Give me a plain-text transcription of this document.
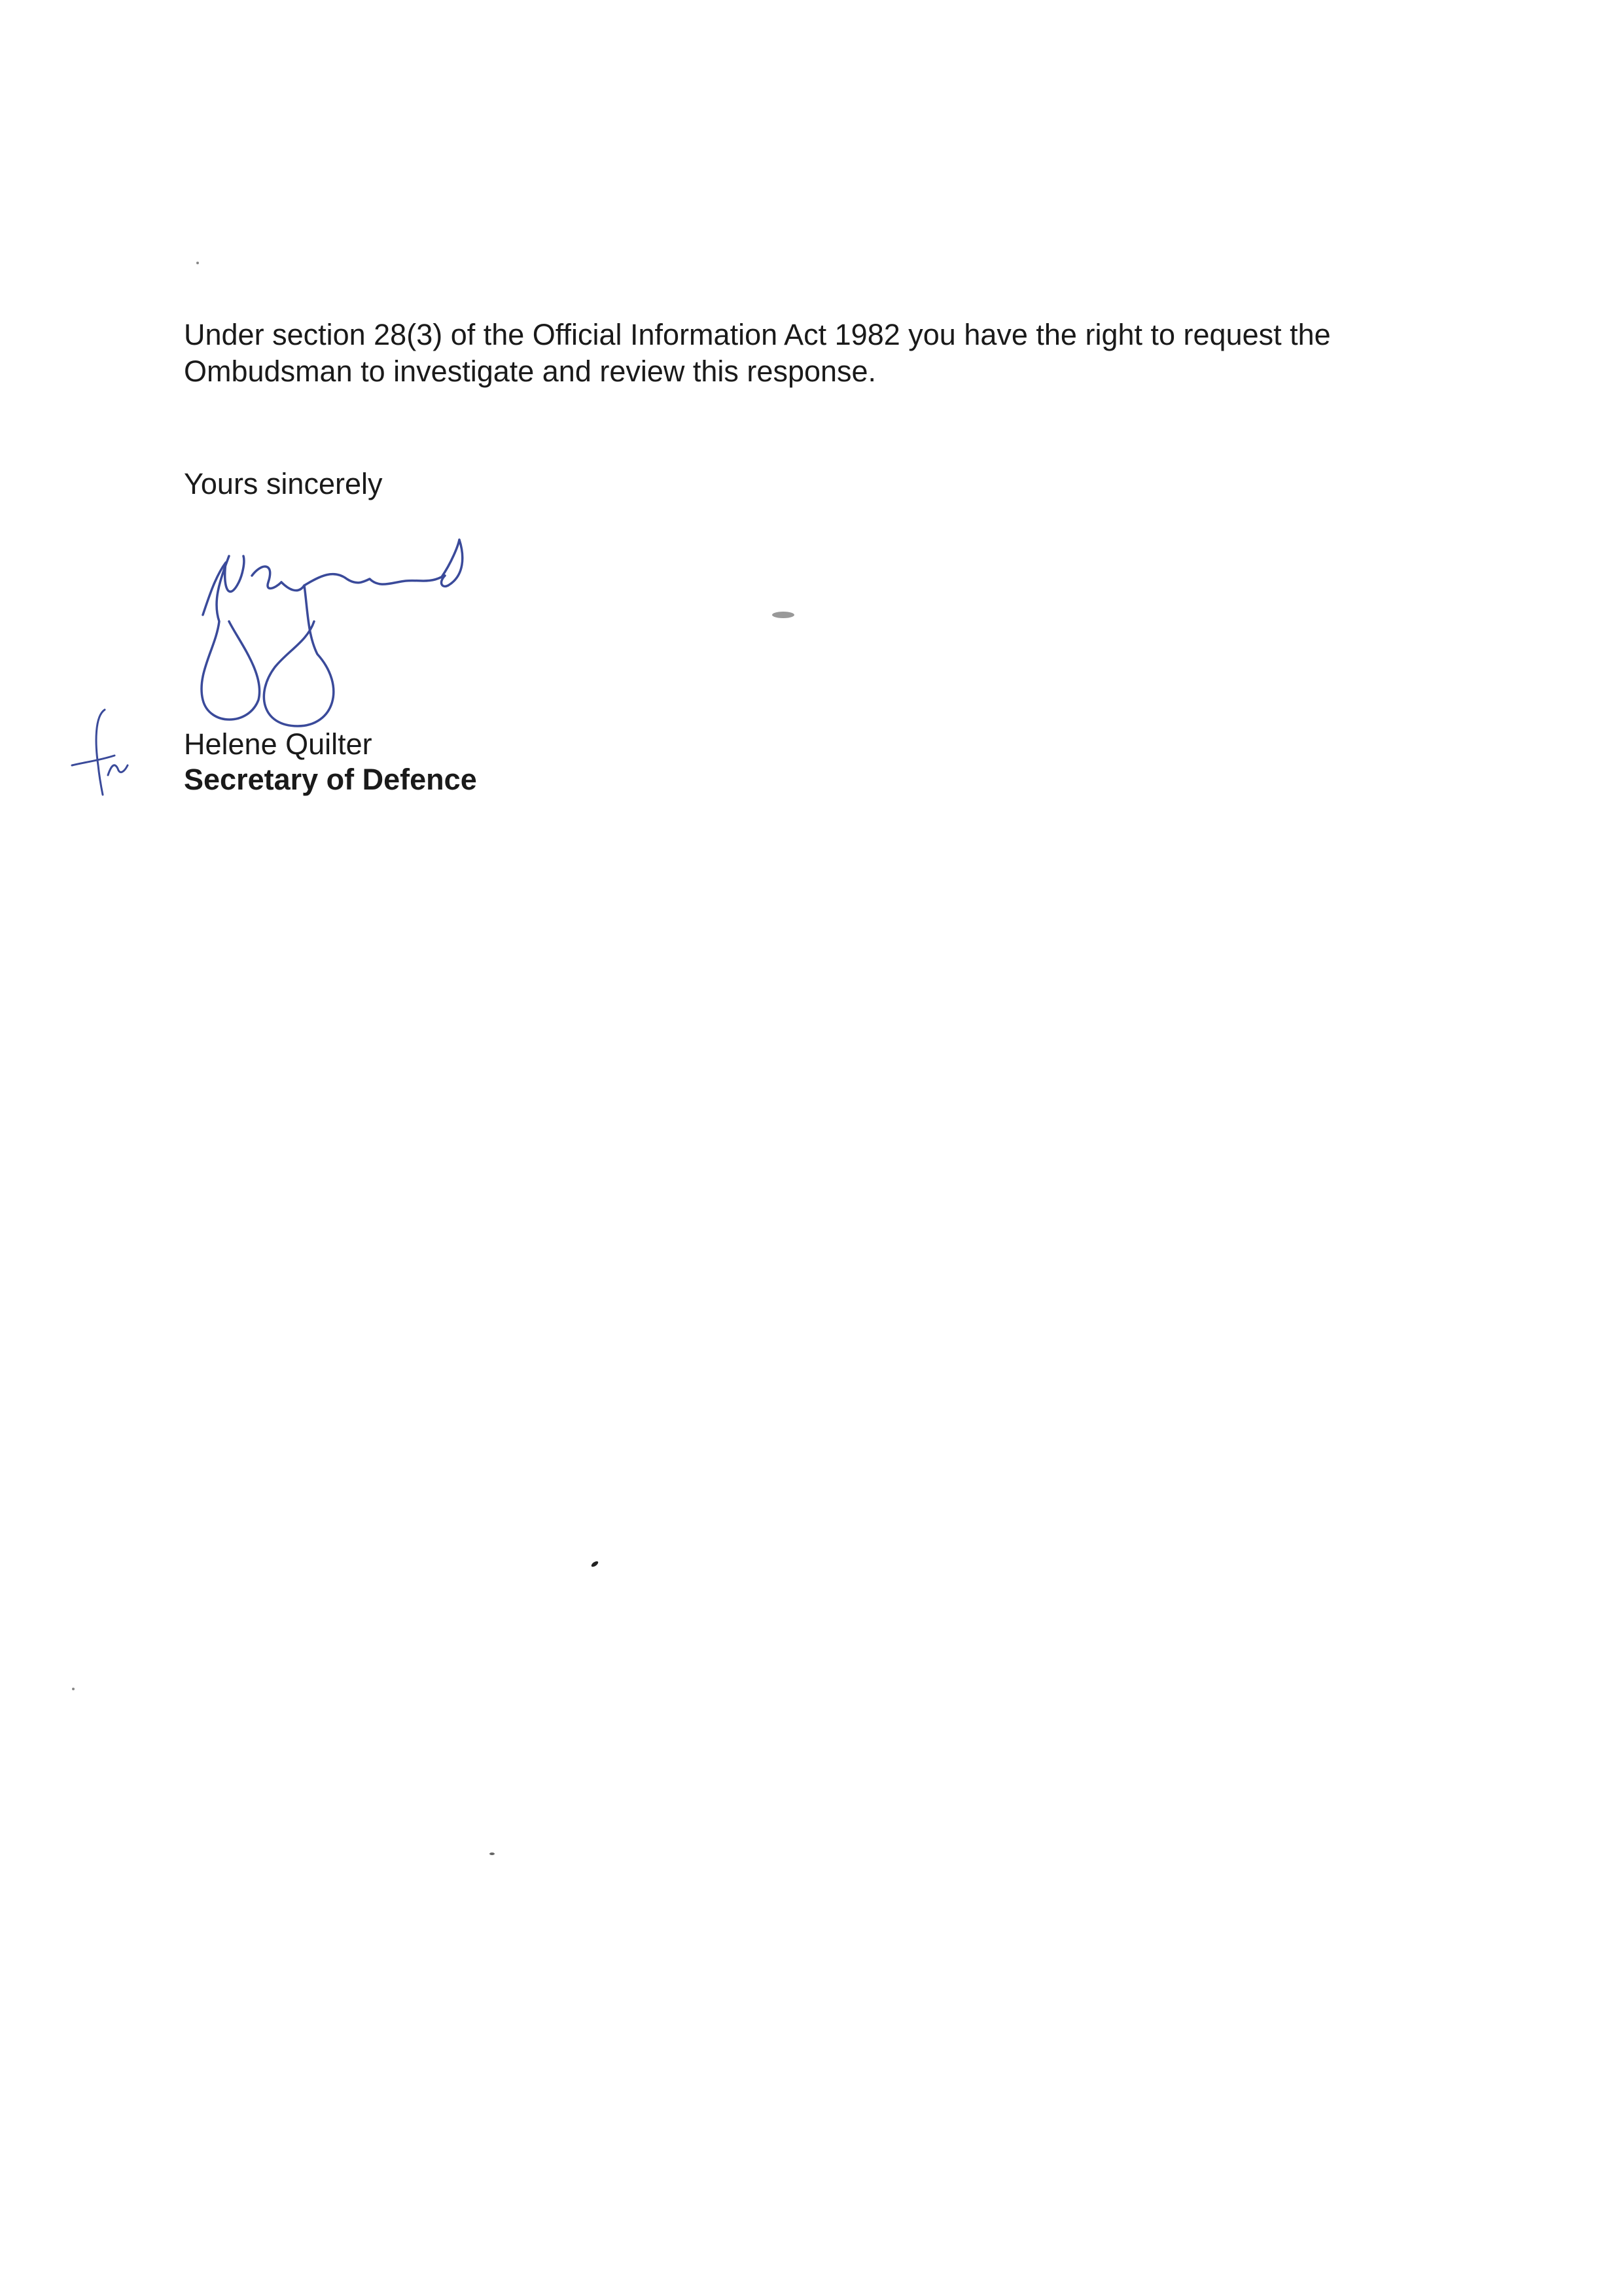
Under section 28(3) of the Official Information Act 1982 you have the right to request the Ombudsman to investigate and review this response.

Yours sincerely

Helene Quilter

Secretary of Defence
